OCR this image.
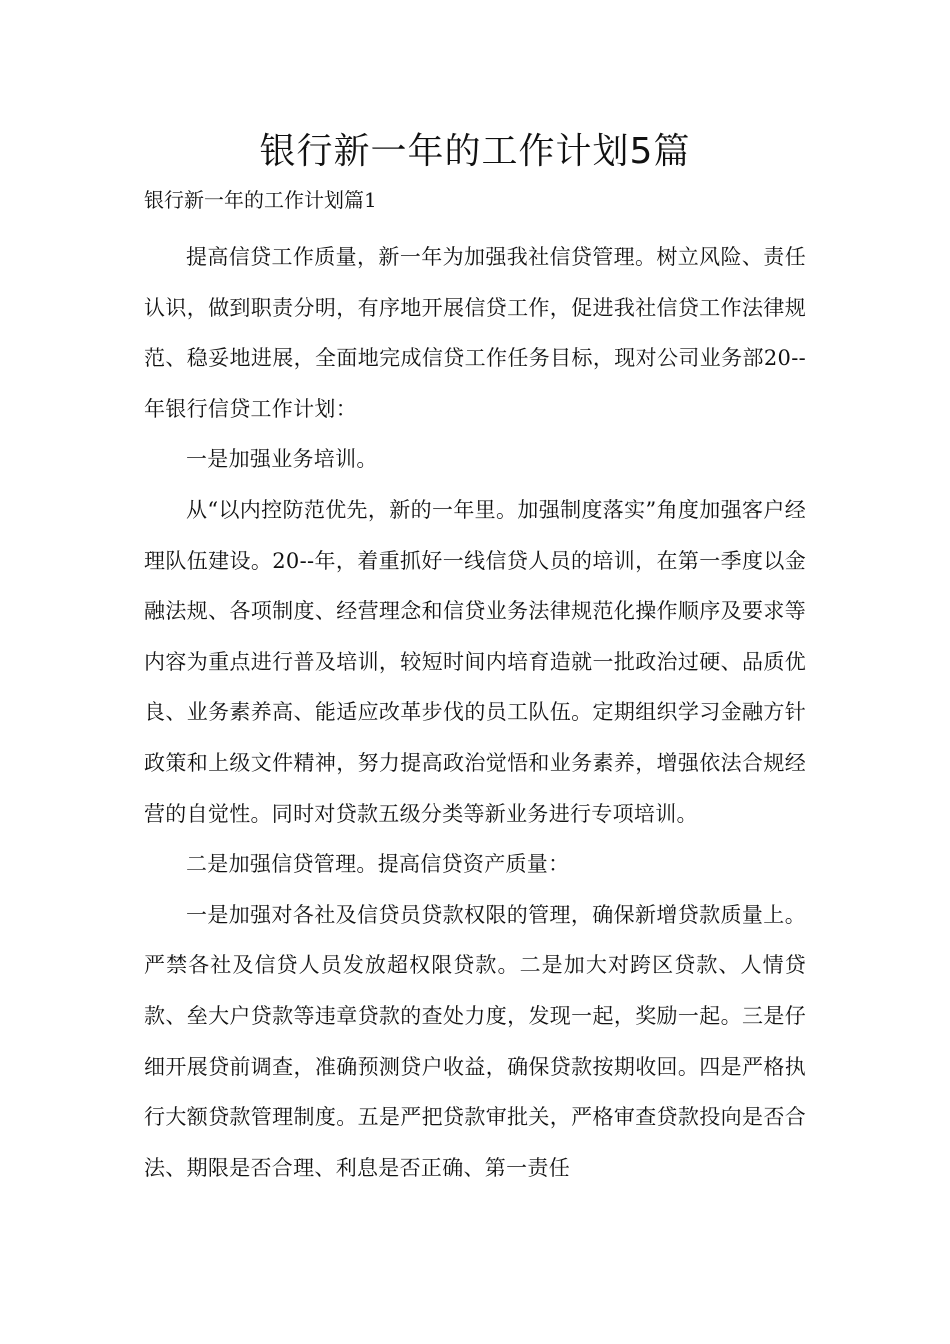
银行新一年的工作计划5篇
银行新一年的工作计划篇1

提高信贷工作质量，新一年为加强我社信贷管理。树立风险、责任认识，做到职责分明，有序地开展信贷工作，促进我社信贷工作法律规范、稳妥地进展，全面地完成信贷工作任务目标，现对公司业务部20--年银行信贷工作计划：

一是加强业务培训。

从“以内控防范优先，新的一年里。加强制度落实”角度加强客户经理队伍建设。20--年，着重抓好一线信贷人员的培训，在第一季度以金融法规、各项制度、经营理念和信贷业务法律规范化操作顺序及要求等内容为重点进行普及培训，较短时间内培育造就一批政治过硬、品质优良、业务素养高、能适应改革步伐的员工队伍。定期组织学习金融方针政策和上级文件精神，努力提高政治觉悟和业务素养，增强依法合规经营的自觉性。同时对贷款五级分类等新业务进行专项培训。

二是加强信贷管理。提高信贷资产质量：

一是加强对各社及信贷员贷款权限的管理，确保新增贷款质量上。严禁各社及信贷人员发放超权限贷款。二是加大对跨区贷款、人情贷款、垒大户贷款等违章贷款的查处力度，发现一起，奖励一起。三是仔细开展贷前调查，准确预测贷户收益，确保贷款按期收回。四是严格执行大额贷款管理制度。五是严把贷款审批关，严格审查贷款投向是否合法、期限是否合理、利息是否正确、第一责任
